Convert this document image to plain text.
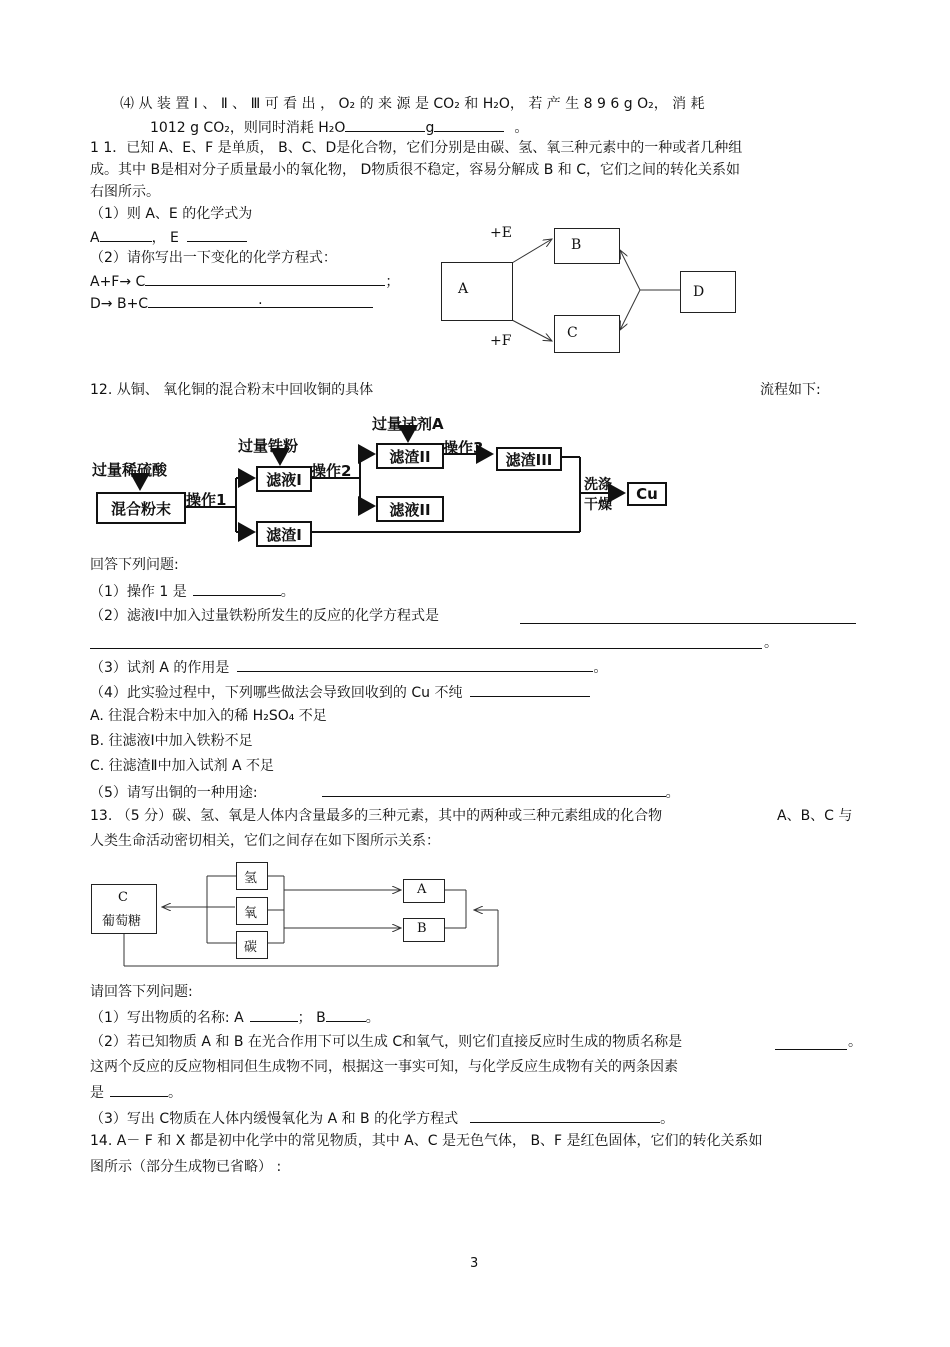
⑷ 从 装 置 Ⅰ 、 Ⅱ 、 Ⅲ 可 看 出 ， O₂ 的 来 源 是 CO₂ 和 H₂O， 若 产 生 8 9 6 g O₂， 消 耗
1012 g CO₂，则同时消耗 H₂O	g	。
1 1．已知 A、E、F 是单质， B、C、D是化合物，它们分别是由碳、氢、氧三种元素中的一种或者几种组
成。其中 B是相对分子质量最小的氧化物， D物质很不稳定，容易分解成 B 和 C，它们之间的转化关系如
右图所示。
（1）则 A、E 的化学式为
A	， E
（2）请你写出一下变化的化学方程式：
A+F→ C	；
D→ B+C	.
A
B
C
D
+E
+F
12. 从铜、 氧化铜的混合粉末中回收铜的具体	流程如下:
过量稀硫酸
混合粉末	操作1
过量铁粉
滤液I 操作2
过量试剂A
滤渣II 操作3
滤渣III
滤液II
滤渣I
洗涤
干燥
Cu
回答下列问题:
（1）操作 1 是	。
（2）滤液Ⅰ中加入过量铁粉所发生的反应的化学方程式是
。
（3）试剂 A 的作用是	。
（4）此实验过程中，下列哪些做法会导致回收到的 Cu 不纯
A. 往混合粉末中加入的稀 H₂SO₄ 不足
B. 往滤液Ⅰ中加入铁粉不足
C. 往滤渣Ⅱ中加入试剂 A 不足
（5）请写出铜的一种用途:	。
13. （5 分）碳、氢、氧是人体内含量最多的三种元素，其中的两种或三种元素组成的化合物	A、B、C 与
人类生命活动密切相关，它们之间存在如下图所示关系：
C
葡萄糖
氢
氧
碳
A
B
请回答下列问题:
（1）写出物质的名称: A	； B	。
（2）若已知物质 A 和 B 在光合作用下可以生成 C和氧气，则它们直接反应时生成的物质名称是	。
这两个反应的反应物相同但生成物不同，根据这一事实可知，与化学反应生成物有关的两条因素
是	。
（3）写出 C物质在人体内缓慢氧化为 A 和 B 的化学方程式	。
14. A－ F 和 X 都是初中化学中的常见物质，其中 A、C 是无色气体， B、F 是红色固体，它们的转化关系如
图所示（部分生成物已省略） :
3
